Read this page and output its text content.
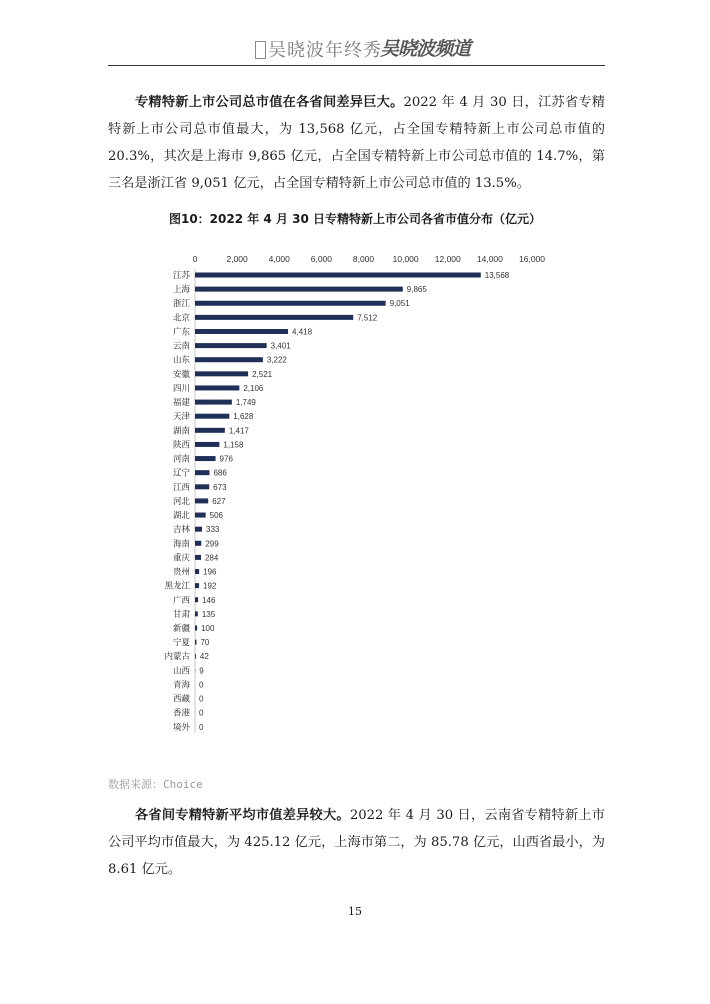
吴晓波年终秀
吴晓波频道
专精特新上市公司总市值在各省间差异巨大。2022 年 4 月 30 日，江苏省专精特新上市公司总市值最大，为 13,568 亿元，占全国专精特新上市公司总市值的 20.3%，其次是上海市 9,865 亿元，占全国专精特新上市公司总市值的 14.7%，第三名是浙江省 9,051 亿元，占全国专精特新上市公司总市值的 13.5%。
图10：2022 年 4 月 30 日专精特新上市公司各省市值分布（亿元）
0	2,000 4,000 6,000 8,000 10,000 12,000 14,000 16,000
江苏	13,568
上海	9,865
浙江	9,051
北京	7,512
广东	4,418
云南	3,401
山东	3,222
安徽	2,521
四川	2,106
福建	1,749
天津	1,628
湖南	1,417
陕西	1,158
河南	976
辽宁	686
江西	673
河北	627
湖北 506
吉林 333
海南 299
重庆 284
贵州 196
黑龙江 192
广西 146
甘肃 135
新疆 100
宁夏 70
内蒙古 42
山西 9
青海 0
西藏 0
香港 0
境外 0
数据来源：Choice
各省间专精特新平均市值差异较大。2022 年 4 月 30 日，云南省专精特新上市公司平均市值最大，为 425.12 亿元，上海市第二，为 85.78 亿元，山西省最小，为 8.61 亿元。
15
